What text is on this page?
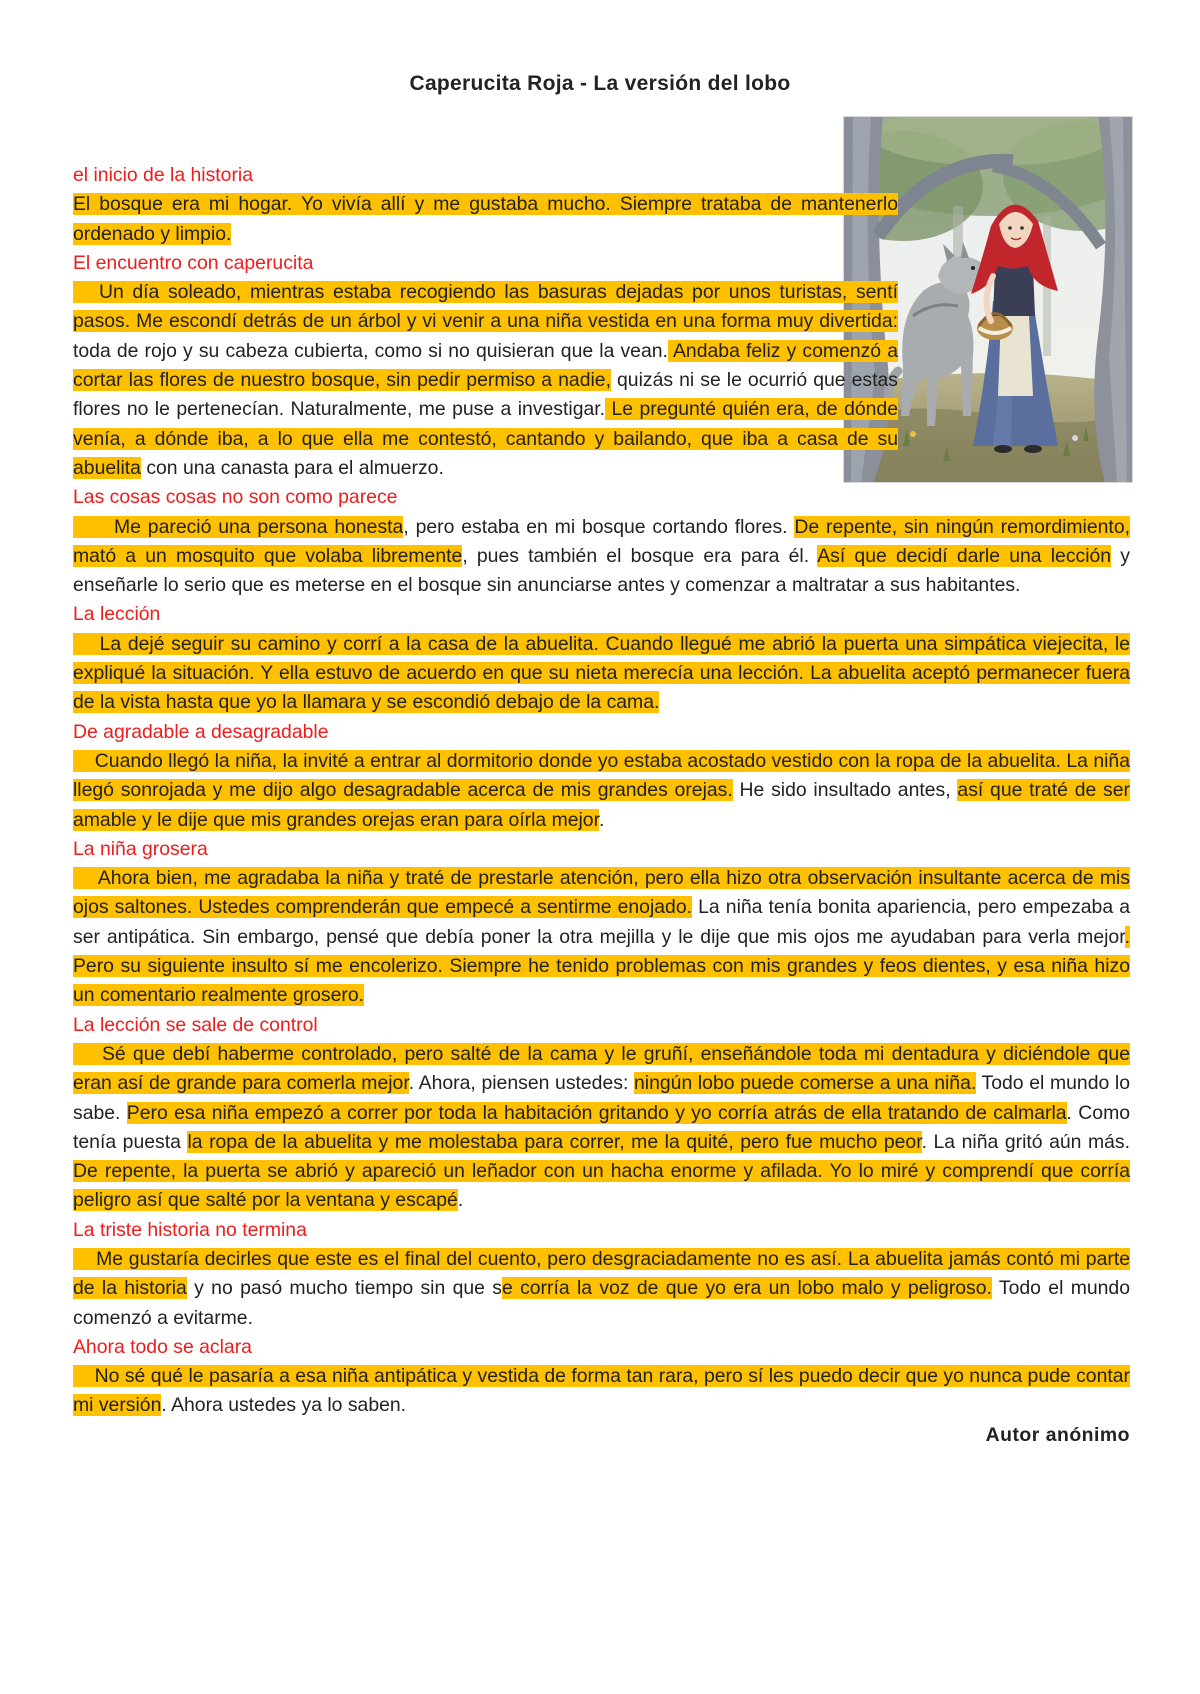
Caperucita Roja - La versión del lobo

el inicio de la historia

El bosque era mi hogar. Yo vivía allí y me gustaba mucho. Siempre trataba de mantenerlo ordenado y limpio.

El encuentro con caperucita

Un día soleado, mientras estaba recogiendo las basuras dejadas por unos turistas, sentí pasos. Me escondí detrás de un árbol y vi venir a una niña vestida en una forma muy divertida: toda de rojo y su cabeza cubierta, como si no quisieran que la vean. Andaba feliz y comenzó a cortar las flores de nuestro bosque, sin pedir permiso a nadie, quizás ni se le ocurrió que estas flores no le pertenecían. Naturalmente, me puse a investigar. Le pregunté quién era, de dónde venía, a dónde iba, a lo que ella me contestó, cantando y bailando, que iba a casa de su abuelita con una canasta para el almuerzo.

Las cosas cosas no son como parece

Me pareció una persona honesta, pero estaba en mi bosque cortando flores. De repente, sin ningún remordimiento, mató a un mosquito que volaba libremente, pues también el bosque era para él. Así que decidí darle una lección y enseñarle lo serio que es meterse en el bosque sin anunciarse antes y comenzar a maltratar a sus habitantes.

La lección

La dejé seguir su camino y corrí a la casa de la abuelita. Cuando llegué me abrió la puerta una simpática viejecita, le expliqué la situación. Y ella estuvo de acuerdo en que su nieta merecía una lección. La abuelita aceptó permanecer fuera de la vista hasta que yo la llamara y se escondió debajo de la cama.

De agradable a desagradable

Cuando llegó la niña, la invité a entrar al dormitorio donde yo estaba acostado vestido con la ropa de la abuelita. La niña llegó sonrojada y me dijo algo desagradable acerca de mis grandes orejas. He sido insultado antes, así que traté de ser amable y le dije que mis grandes orejas eran para oírla mejor.

La niña grosera

Ahora bien, me agradaba la niña y traté de prestarle atención, pero ella hizo otra observación insultante acerca de mis ojos saltones. Ustedes comprenderán que empecé a sentirme enojado. La niña tenía bonita apariencia, pero empezaba a ser antipática. Sin embargo, pensé que debía poner la otra mejilla y le dije que mis ojos me ayudaban para verla mejor. Pero su siguiente insulto sí me encolerizo. Siempre he tenido problemas con mis grandes y feos dientes, y esa niña hizo un comentario realmente grosero.

La lección se sale de control

Sé que debí haberme controlado, pero salté de la cama y le gruñí, enseñándole toda mi dentadura y diciéndole que eran así de grande para comerla mejor. Ahora, piensen ustedes: ningún lobo puede comerse a una niña. Todo el mundo lo sabe. Pero esa niña empezó a correr por toda la habitación gritando y yo corría atrás de ella tratando de calmarla. Como tenía puesta la ropa de la abuelita y me molestaba para correr, me la quité, pero fue mucho peor. La niña gritó aún más. De repente, la puerta se abrió y apareció un leñador con un hacha enorme y afilada. Yo lo miré y comprendí que corría peligro así que salté por la ventana y escapé.

La triste historia no termina

Me gustaría decirles que este es el final del cuento, pero desgraciadamente no es así. La abuelita jamás contó mi parte de la historia y no pasó mucho tiempo sin que se corría la voz de que yo era un lobo malo y peligroso. Todo el mundo comenzó a evitarme.

Ahora todo se aclara

No sé qué le pasaría a esa niña antipática y vestida de forma tan rara, pero sí les puedo decir que yo nunca pude contar mi versión. Ahora ustedes ya lo saben.

Autor anónimo
